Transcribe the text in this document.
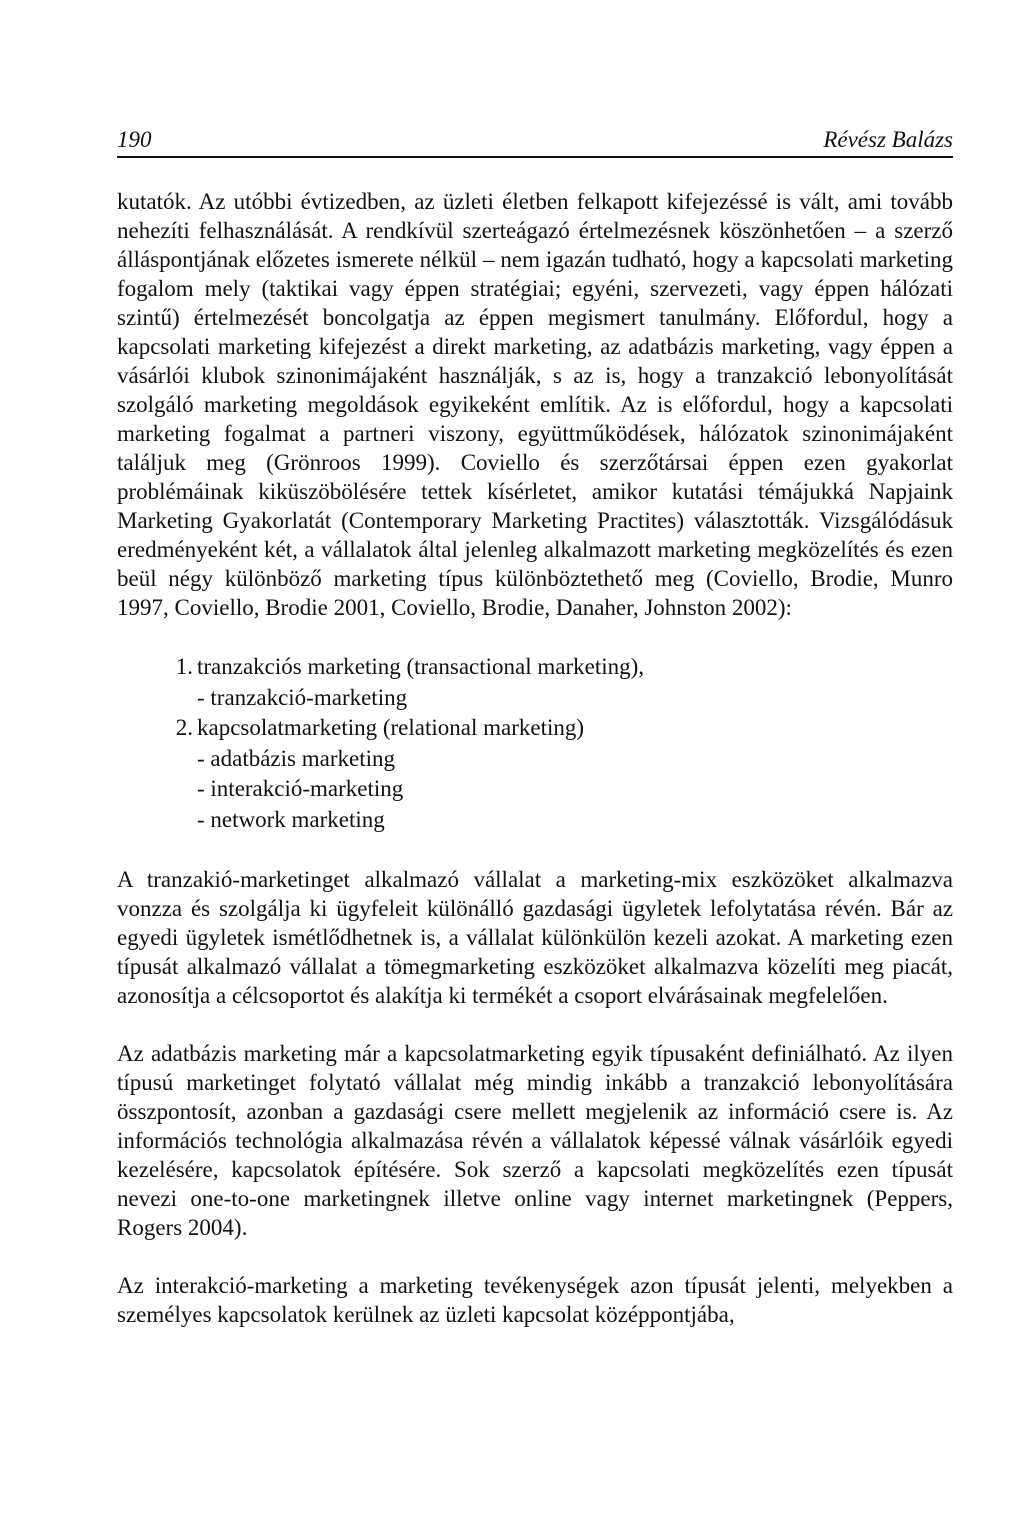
190	Révész Balázs

kutatók. Az utóbbi évtizedben, az üzleti életben felkapott kifejezéssé is vált, ami tovább nehezíti felhasználását. A rendkívül szerteágazó értelmezésnek köszönhetően – a szerző álláspontjának előzetes ismerete nélkül – nem igazán tudható, hogy a kapcsolati marketing fogalom mely (taktikai vagy éppen stratégiai; egyéni, szervezeti, vagy éppen hálózati szintű) értelmezését boncolgatja az éppen megismert tanulmány. Előfordul, hogy a kapcsolati marketing kifejezést a direkt marketing, az adatbázis marketing, vagy éppen a vásárlói klubok szinonimájaként használják, s az is, hogy a tranzakció lebonyolítását szolgáló marketing megoldások egyikeként említik. Az is előfordul, hogy a kapcsolati marketing fogalmat a partneri viszony, együttműködések, hálózatok szinonimájaként találjuk meg (Grönroos 1999). Coviello és szerzőtársai éppen ezen gyakorlat problémáinak kiküszöbölésére tettek kísérletet, amikor kutatási témájukká Napjaink Marketing Gyakorlatát (Contemporary Marketing Practites) választották. Vizsgálódásuk eredményeként két, a vállalatok által jelenleg alkalmazott marketing megközelítés és ezen beül négy különböző marketing típus különböztethető meg (Coviello, Brodie, Munro 1997, Coviello, Brodie 2001, Coviello, Brodie, Danaher, Johnston 2002):

1. tranzakciós marketing (transactional marketing),
- tranzakció-marketing
2. kapcsolatmarketing (relational marketing)
- adatbázis marketing
- interakció-marketing
- network marketing

A tranzakió-marketinget alkalmazó vállalat a marketing-mix eszközöket alkalmazva vonzza és szolgálja ki ügyfeleit különálló gazdasági ügyletek lefolytatása révén. Bár az egyedi ügyletek ismétlődhetnek is, a vállalat különkülön kezeli azokat. A marketing ezen típusát alkalmazó vállalat a tömegmarketing eszközöket alkalmazva közelíti meg piacát, azonosítja a célcsoportot és alakítja ki termékét a csoport elvárásainak megfelelően.

Az adatbázis marketing már a kapcsolatmarketing egyik típusaként definiálható. Az ilyen típusú marketinget folytató vállalat még mindig inkább a tranzakció lebonyolítására összpontosít, azonban a gazdasági csere mellett megjelenik az információ csere is. Az információs technológia alkalmazása révén a vállalatok képessé válnak vásárlóik egyedi kezelésére, kapcsolatok építésére. Sok szerző a kapcsolati megközelítés ezen típusát nevezi one-to-one marketingnek illetve online vagy internet marketingnek (Peppers, Rogers 2004).

Az interakció-marketing a marketing tevékenységek azon típusát jelenti, melyekben a személyes kapcsolatok kerülnek az üzleti kapcsolat középpontjába,
